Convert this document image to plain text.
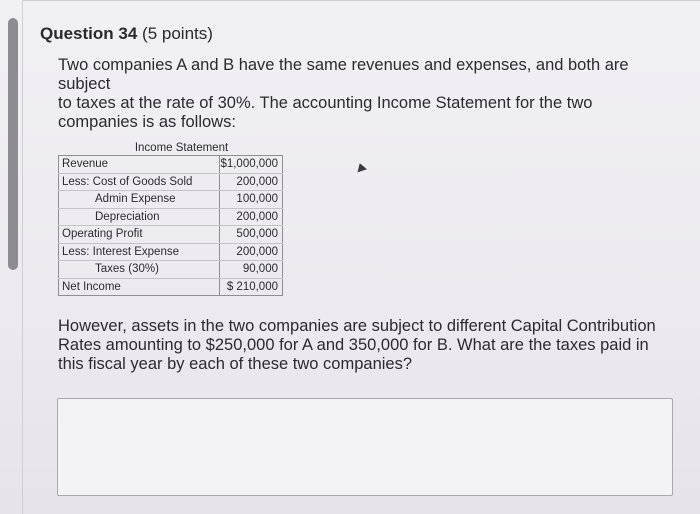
Question 34 (5 points)
Two companies A and B have the same revenues and expenses, and both are subject
to taxes at the rate of 30%. The accounting Income Statement for the two
companies is as follows:
Income Statement
Revenue	$1,000,000
Less: Cost of Goods Sold	200,000
Admin Expense	100,000
Depreciation	200,000
Operating Profit	500,000
Less: Interest Expense	200,000
Taxes (30%)	90,000
Net Income	$ 210,000
However, assets in the two companies are subject to different Capital Contribution
Rates amounting to $250,000 for A and 350,000 for B. What are the taxes paid in
this fiscal year by each of these two companies?
